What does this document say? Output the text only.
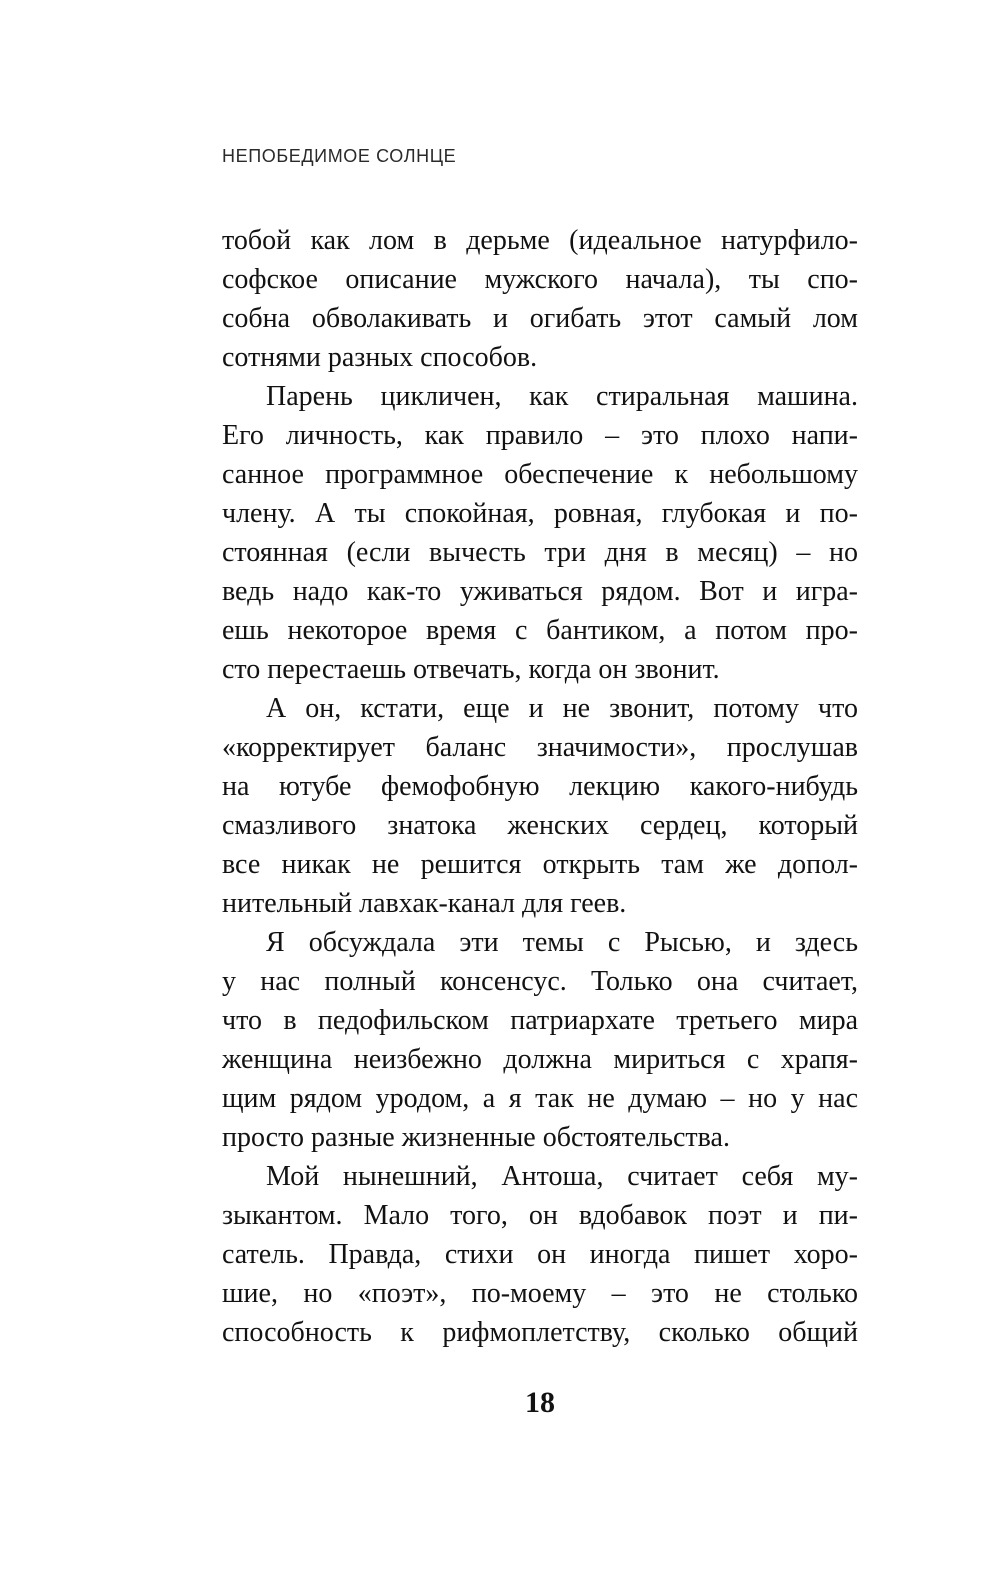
НЕПОБЕДИМОЕ СОЛНЦЕ
тобой как лом в дерьме (идеальное натурфило-
софское описание мужского начала), ты спо-
собна обволакивать и огибать этот самый лом
сотнями разных способов.
Парень цикличен, как стиральная машина.
Его личность, как правило – это плохо напи-
санное программное обеспечение к небольшому
члену. А ты спокойная, ровная, глубокая и по-
стоянная (если вычесть три дня в месяц) – но
ведь надо как-то уживаться рядом. Вот и игра-
ешь некоторое время с бантиком, а потом про-
сто перестаешь отвечать, когда он звонит.
А он, кстати, еще и не звонит, потому что
«корректирует баланс значимости», прослушав
на ютубе фемофобную лекцию какого-нибудь
смазливого знатока женских сердец, который
все никак не решится открыть там же допол-
нительный лавхак-канал для геев.
Я обсуждала эти темы с Рысью, и здесь
у нас полный консенсус. Только она считает,
что в педофильском патриархате третьего мира
женщина неизбежно должна мириться с храпя-
щим рядом уродом, а я так не думаю – но у нас
просто разные жизненные обстоятельства.
Мой нынешний, Антоша, считает себя му-
зыкантом. Мало того, он вдобавок поэт и пи-
сатель. Правда, стихи он иногда пишет хоро-
шие, но «поэт», по-моему – это не столько
способность к рифмоплетству, сколько общий
18
